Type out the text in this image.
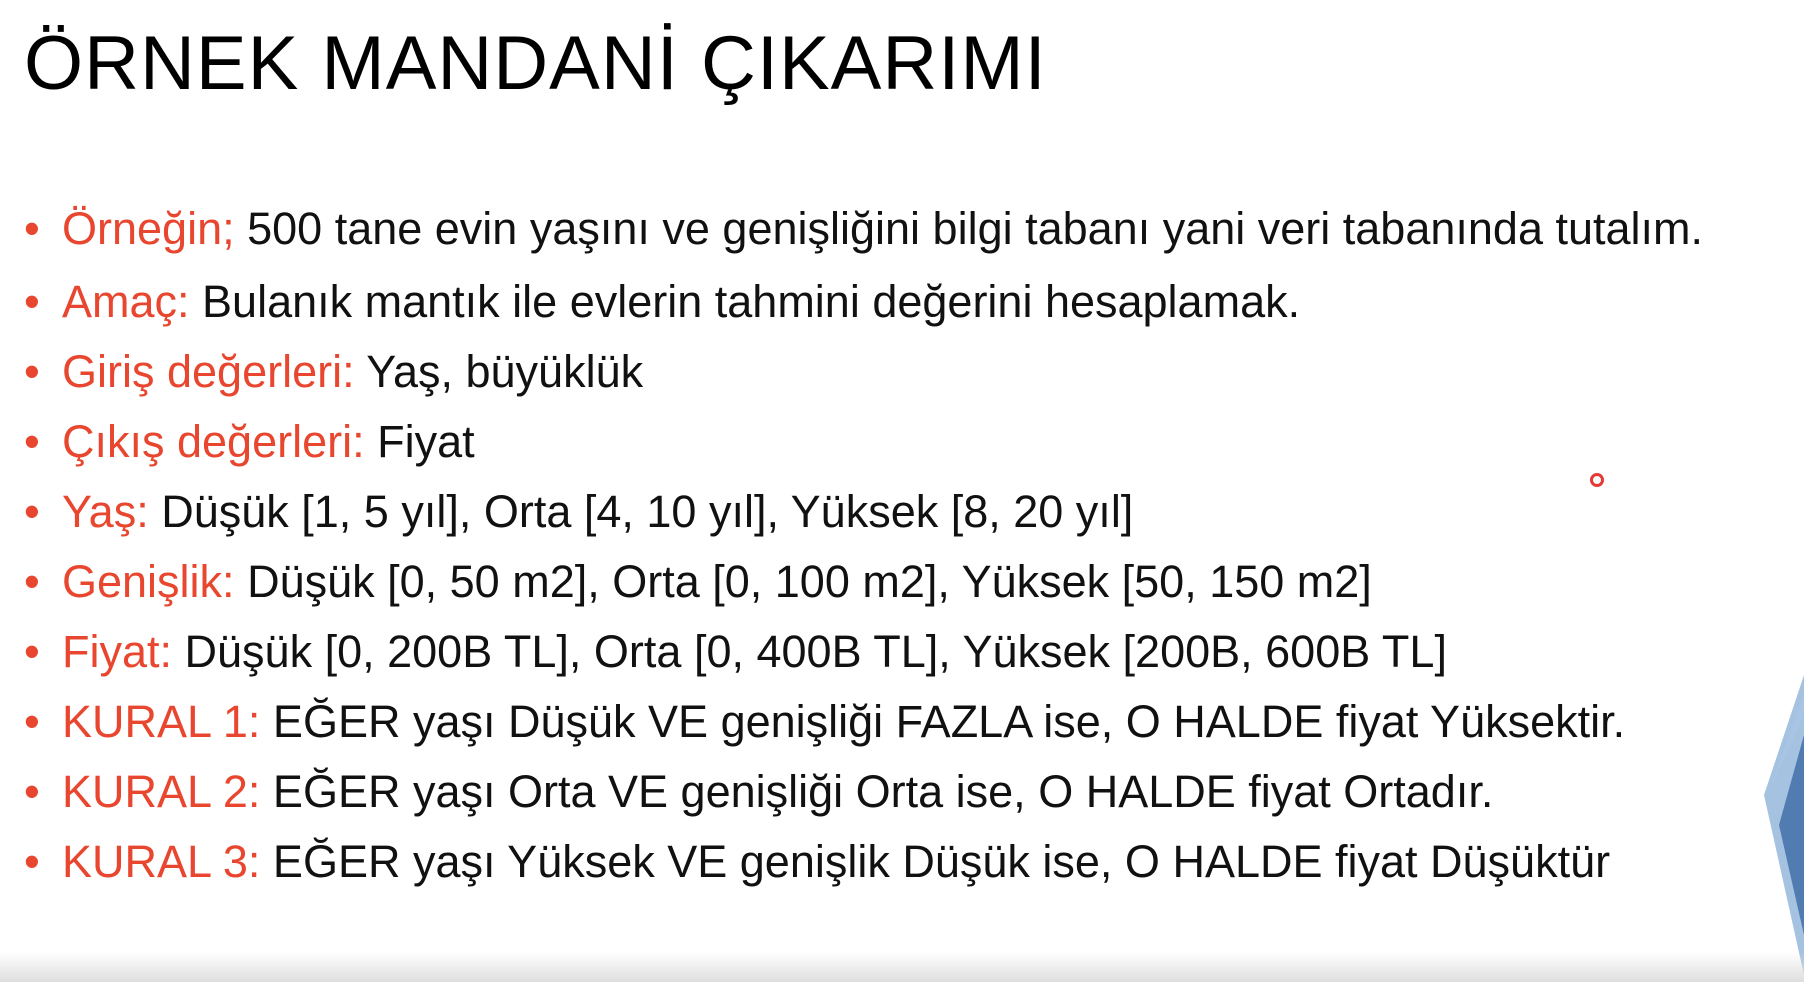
ÖRNEK MANDANİ ÇIKARIMI
• Örneğin; 500 tane evin yaşını ve genişliğini bilgi tabanı yani veri tabanında tutalım.
• Amaç: Bulanık mantık ile evlerin tahmini değerini hesaplamak.
• Giriş değerleri: Yaş, büyüklük
• Çıkış değerleri: Fiyat
• Yaş: Düşük [1, 5 yıl], Orta [4, 10 yıl], Yüksek [8, 20 yıl]
• Genişlik: Düşük [0, 50 m2], Orta [0, 100 m2], Yüksek [50, 150 m2]
• Fiyat: Düşük [0, 200B TL], Orta [0, 400B TL], Yüksek [200B, 600B TL]
• KURAL 1: EĞER yaşı Düşük VE genişliği FAZLA ise, O HALDE fiyat Yüksektir.
• KURAL 2: EĞER yaşı Orta VE genişliği Orta ise, O HALDE fiyat Ortadır.
• KURAL 3: EĞER yaşı Yüksek VE genişlik Düşük ise, O HALDE fiyat Düşüktür
